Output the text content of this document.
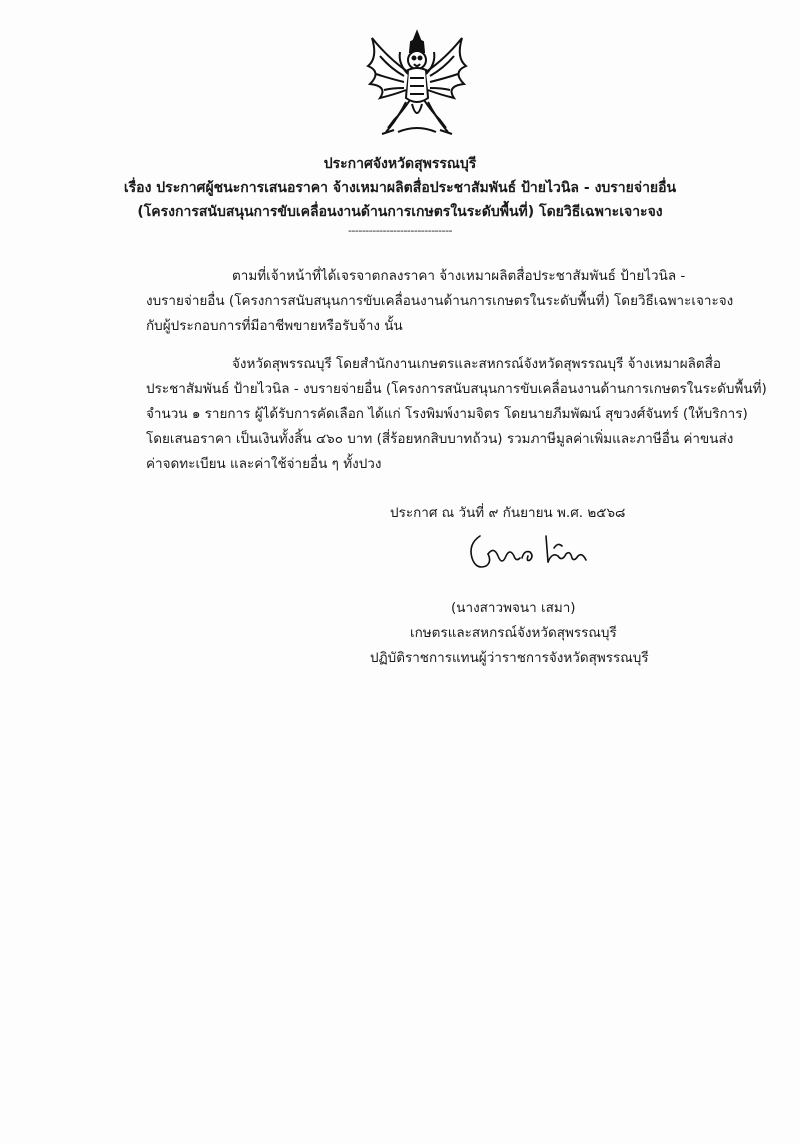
ประกาศจังหวัดสุพรรณบุรี
เรื่อง ประกาศผู้ชนะการเสนอราคา จ้างเหมาผลิตสื่อประชาสัมพันธ์ ป้ายไวนิล - งบรายจ่ายอื่น
(โครงการสนับสนุนการขับเคลื่อนงานด้านการเกษตรในระดับพื้นที่) โดยวิธีเฉพาะเจาะจง
------------------------------
ตามที่เจ้าหน้าที่ได้เจรจาตกลงราคา จ้างเหมาผลิตสื่อประชาสัมพันธ์ ป้ายไวนิล -
งบรายจ่ายอื่น (โครงการสนับสนุนการขับเคลื่อนงานด้านการเกษตรในระดับพื้นที่) โดยวิธีเฉพาะเจาะจง
กับผู้ประกอบการที่มีอาชีพขายหรือรับจ้าง นั้น
จังหวัดสุพรรณบุรี โดยสำนักงานเกษตรและสหกรณ์จังหวัดสุพรรณบุรี จ้างเหมาผลิตสื่อ
ประชาสัมพันธ์ ป้ายไวนิล - งบรายจ่ายอื่น (โครงการสนับสนุนการขับเคลื่อนงานด้านการเกษตรในระดับพื้นที่)
จำนวน ๑ รายการ ผู้ได้รับการคัดเลือก ได้แก่ โรงพิมพ์งามจิตร โดยนายภีมพัฒน์ สุขวงศ์จันทร์ (ให้บริการ)
โดยเสนอราคา เป็นเงินทั้งสิ้น ๔๖๐ บาท (สี่ร้อยหกสิบบาทถ้วน) รวมภาษีมูลค่าเพิ่มและภาษีอื่น ค่าขนส่ง
ค่าจดทะเบียน และค่าใช้จ่ายอื่น ๆ ทั้งปวง
ประกาศ ณ วันที่ ๙ กันยายน พ.ศ. ๒๕๖๘
(นางสาวพจนา เสมา)
เกษตรและสหกรณ์จังหวัดสุพรรณบุรี
ปฏิบัติราชการแทนผู้ว่าราชการจังหวัดสุพรรณบุรี
